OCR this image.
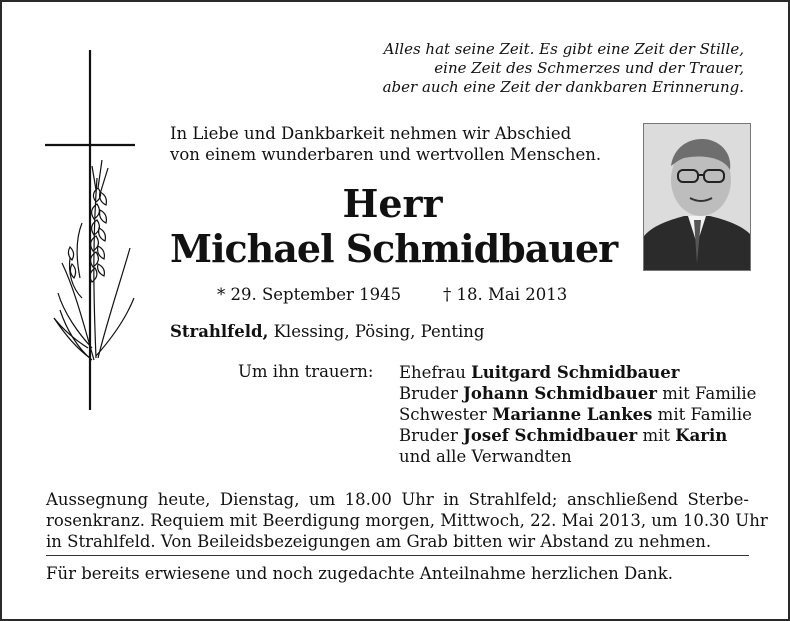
Alles hat seine Zeit. Es gibt eine Zeit der Stille,
eine Zeit des Schmerzes und der Trauer,
aber auch eine Zeit der dankbaren Erinnerung.
In Liebe und Dankbarkeit nehmen wir Abschied
von einem wunderbaren und wertvollen Menschen.
Herr
Michael Schmidbauer
* 29. September 1945	† 18. Mai 2013
Strahlfeld, Klessing, Pösing, Penting
Um ihn trauern: Ehefrau Luitgard Schmidbauer
Bruder Johann Schmidbauer mit Familie
Schwester Marianne Lankes mit Familie
Bruder Josef Schmidbauer mit Karin
und alle Verwandten
Aussegnung heute, Dienstag, um 18.00 Uhr in Strahlfeld; anschließend Sterbe-
rosenkranz. Requiem mit Beerdigung morgen, Mittwoch, 22. Mai 2013, um 10.30 Uhr
in Strahlfeld. Von Beileidsbezeigungen am Grab bitten wir Abstand zu nehmen.
Für bereits erwiesene und noch zugedachte Anteilnahme herzlichen Dank.
